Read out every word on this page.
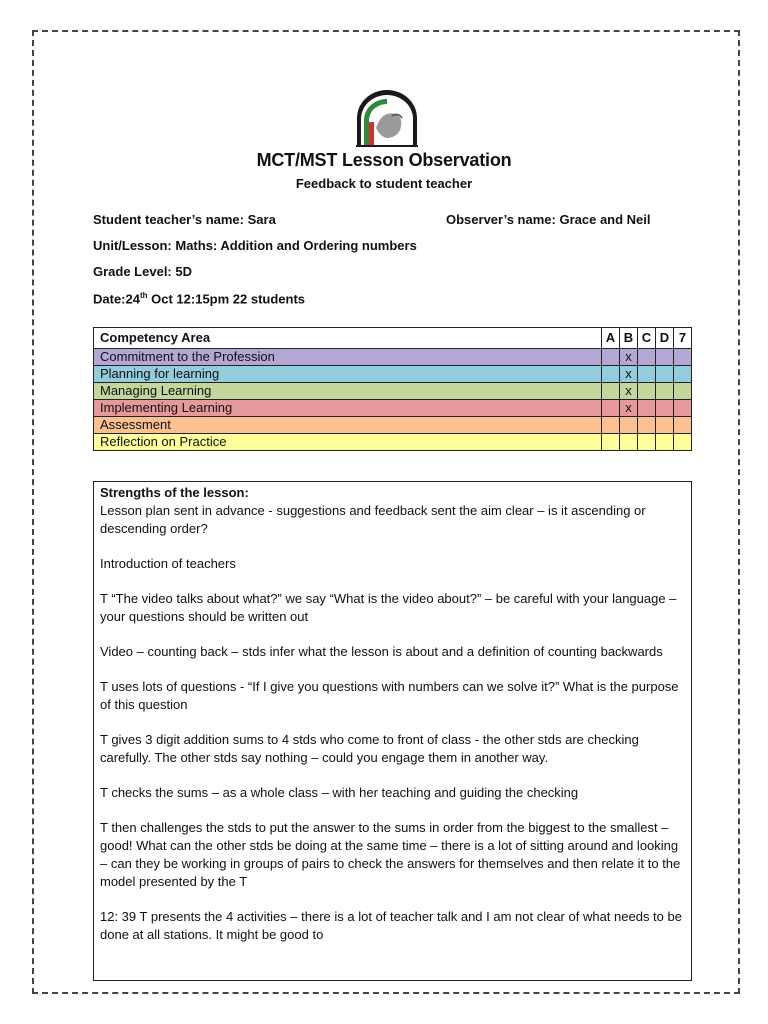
MCT/MST Lesson Observation
Feedback to student teacher
Student teacher’s name: Sara	Observer’s name: Grace and Neil
Unit/Lesson: Maths: Addition and Ordering numbers
Grade Level: 5D
Date:24th Oct 12:15pm 22 students
Competency Area	A	B	C	D	7
Commitment to the Profession		x			
Planning for learning		x			
Managing Learning		x			
Implementing Learning		x			
Assessment					
Reflection on Practice					
Strengths of the lesson:

Lesson plan sent in advance - suggestions and feedback sent the aim clear – is it ascending or descending order?

Introduction of teachers

T “The video talks about what?” we say “What is the video about?” – be careful with your language – your questions should be written out

Video – counting back – stds infer what the lesson is about and a definition of counting backwards

T uses lots of questions - “If I give you questions with numbers can we solve it?” What is the purpose of this question

T gives 3 digit addition sums to 4 stds who come to front of class - the other stds are checking carefully. The other stds say nothing – could you engage them in another way.

T checks the sums – as a whole class – with her teaching and guiding the checking

T then challenges the stds to put the answer to the sums in order from the biggest to the smallest – good! What can the other stds be doing at the same time – there is a lot of sitting around and looking – can they be working in groups of pairs to check the answers for themselves and then relate it to the model presented by the T

12: 39 T presents the 4 activities – there is a lot of teacher talk and I am not clear of what needs to be done at all stations. It might be good to
